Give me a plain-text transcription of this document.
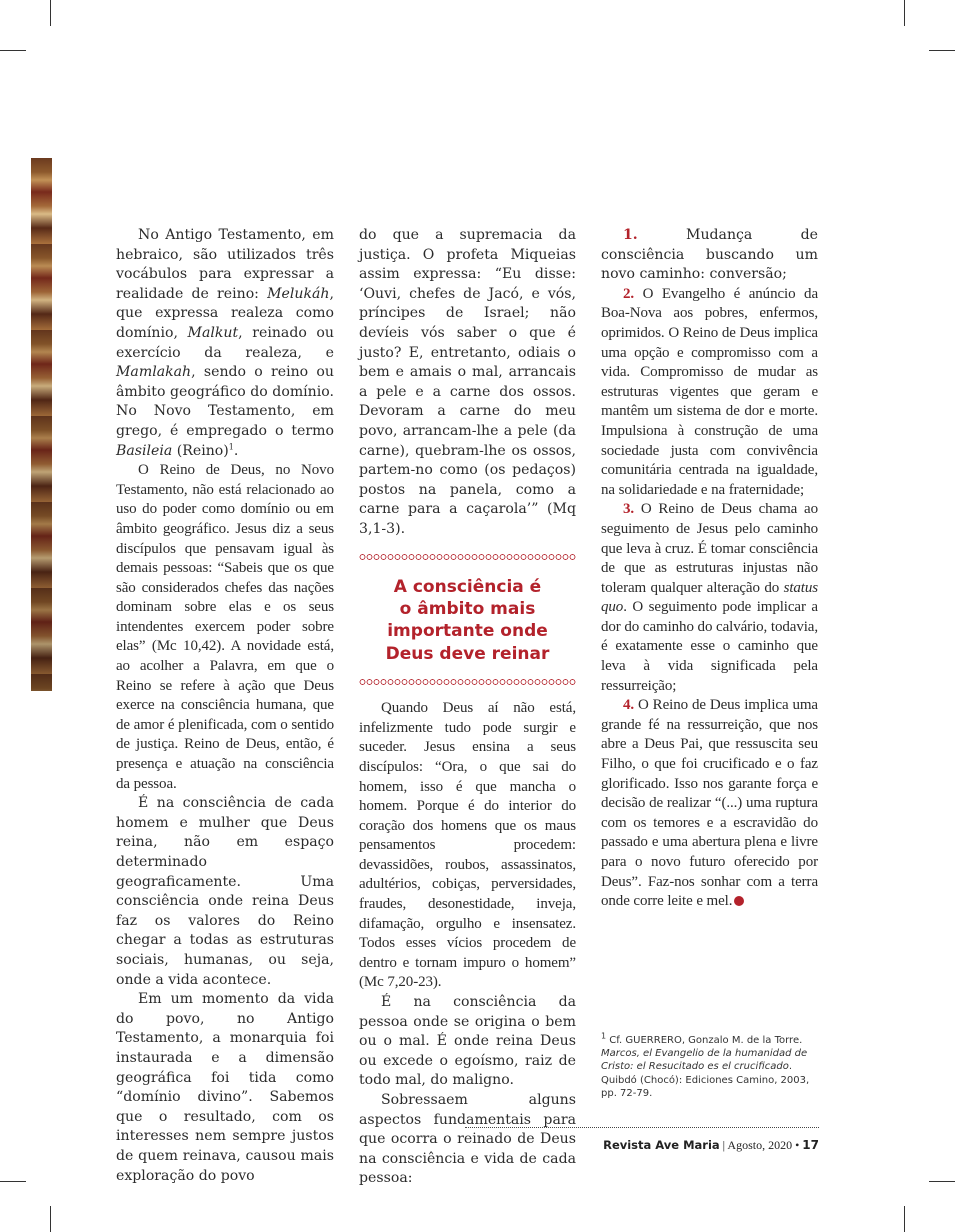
No Antigo Testamento, em hebraico, são utilizados três vocábulos para expressar a realidade de reino: Melukáh, que expressa realeza como domínio, Malkut, reinado ou exercício da realeza, e Mamlakah, sendo o reino ou âmbito geográfico do domínio. No Novo Testamento, em grego, é empregado o termo Basileia (Reino)$^1$.

O Reino de Deus, no Novo Testamento, não está relacionado ao uso do poder como domínio ou em âmbito geográfico. Jesus diz a seus discípulos que pensavam igual às demais pessoas: “Sabeis que os que são considerados chefes das nações dominam sobre elas e os seus intendentes exercem poder sobre elas” (Mc 10,42). A novidade está, ao acolher a Palavra, em que o Reino se refere à ação que Deus exerce na consciência humana, que de amor é plenificada, com o sentido de justiça. Reino de Deus, então, é presença e atuação na consciência da pessoa.

É na consciência de cada homem e mulher que Deus reina, não em espaço determinado geograficamente. Uma consciência onde reina Deus faz os valores do Reino chegar a todas as estruturas sociais, humanas, ou seja, onde a vida acontece.

Em um momento da vida do povo, no Antigo Testamento, a monarquia foi instaurada e a dimensão geográfica foi tida como “domínio divino”. Sabemos que o resultado, com os interesses nem sempre justos de quem reinava, causou mais exploração do povo

do que a supremacia da justiça. O profeta Miqueias assim expressa: “Eu disse: ‘Ouvi, chefes de Jacó, e vós, príncipes de Israel; não devíeis vós saber o que é justo? E, entretanto, odiais o bem e amais o mal, arrancais a pele e a carne dos ossos. Devoram a carne do meu povo, arrancam-lhe a pele (da carne), quebram-lhe os ossos, partem-no como (os pedaços) postos na panela, como a carne para a caçarola’” (Mq 3,1-3).

A consciência é
o âmbito mais
importante onde
Deus deve reinar

Quando Deus aí não está, infelizmente tudo pode surgir e suceder. Jesus ensina a seus discípulos: “Ora, o que sai do homem, isso é que mancha o homem. Porque é do interior do coração dos homens que os maus pensamentos procedem: devassidões, roubos, assassinatos, adultérios, cobiças, perversidades, fraudes, desonestidade, inveja, difamação, orgulho e insensatez. Todos esses vícios procedem de dentro e tornam impuro o homem” (Mc 7,20-23).

É na consciência da pessoa onde se origina o bem ou o mal. É onde reina Deus ou excede o egoísmo, raiz de todo mal, do maligno.

Sobressaem alguns aspectos fundamentais para que ocorra o reinado de Deus na consciência e vida de cada pessoa:

1. Mudança de consciência buscando um novo caminho: conversão;

2. O Evangelho é anúncio da Boa-Nova aos pobres, enfermos, oprimidos. O Reino de Deus implica uma opção e compromisso com a vida. Compromisso de mudar as estruturas vigentes que geram e mantêm um sistema de dor e morte. Impulsiona à construção de uma sociedade justa com convivência comunitária centrada na igualdade, na solidariedade e na fraternidade;

3. O Reino de Deus chama ao seguimento de Jesus pelo caminho que leva à cruz. É tomar consciência de que as estruturas injustas não toleram qualquer alteração do status quo. O seguimento pode implicar a dor do caminho do calvário, todavia, é exatamente esse o caminho que leva à vida significada pela ressurreição;

4. O Reino de Deus implica uma grande fé na ressurreição, que nos abre a Deus Pai, que ressuscita seu Filho, o que foi crucificado e o faz glorificado. Isso nos garante força e decisão de realizar “(...) uma ruptura com os temores e a escravidão do passado e uma abertura plena e livre para o novo futuro oferecido por Deus”. Faz-nos sonhar com a terra onde corre leite e mel.

$^1$ Cf. GUERRERO, Gonzalo M. de la Torre. Marcos, el Evangelio de la humanidad de Cristo: el Resucitado es el crucificado. Quibdó (Chocó): Ediciones Camino, 2003, pp. 72-79.

Revista Ave Maria | Agosto, 2020 • 17
